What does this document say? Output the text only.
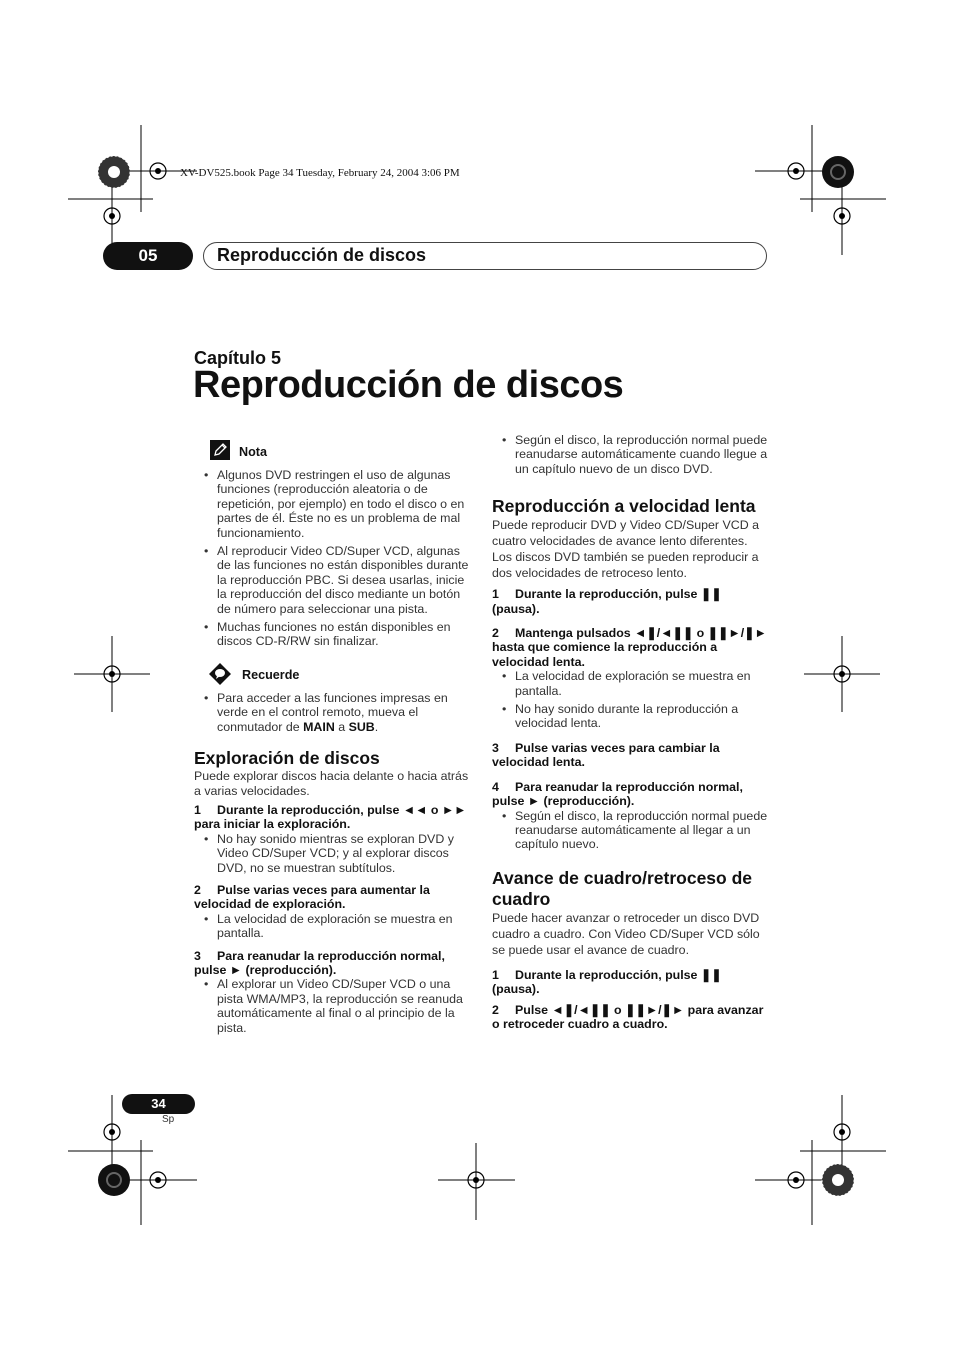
XV-DV525.book Page 34 Tuesday, February 24, 2004 3:06 PM
05	Reproducción de discos
Capítulo 5
Reproducción de discos
Nota
• Algunos DVD restringen el uso de algunas funciones (reproducción aleatoria o de repetición, por ejemplo) en todo el disco o en partes de él. Éste no es un problema de mal funcionamiento.
• Al reproducir Video CD/Super VCD, algunas de las funciones no están disponibles durante la reproducción PBC. Si desea usarlas, inicie la reproducción del disco mediante un botón de número para seleccionar una pista.
• Muchas funciones no están disponibles en discos CD-R/RW sin finalizar.
Recuerde
• Para acceder a las funciones impresas en verde en el control remoto, mueva el conmutador de MAIN a SUB.
Exploración de discos

Puede explorar discos hacia delante o hacia atrás a varias velocidades.

1 Durante la reproducción, pulse ◄◄ o ►► para iniciar la exploración.

• No hay sonido mientras se exploran DVD y Video CD/Super VCD; y al explorar discos DVD, no se muestran subtítulos.

2 Pulse varias veces para aumentar la velocidad de exploración.

• La velocidad de exploración se muestra en pantalla.

3 Para reanudar la reproducción normal, pulse ► (reproducción).

• Al explorar un Video CD/Super VCD o una pista WMA/MP3, la reproducción se reanuda automáticamente al final o al principio de la pista.
• Según el disco, la reproducción normal puede reanudarse automáticamente cuando llegue a un capítulo nuevo de un disco DVD.
Reproducción a velocidad lenta

Puede reproducir DVD y Video CD/Super VCD a cuatro velocidades de avance lento diferentes. Los discos DVD también se pueden reproducir a dos velocidades de retroceso lento.

1 Durante la reproducción, pulse ❚❚ (pausa).

2 Mantenga pulsados ◄❚/◄❚❚ o ❚❚►/❚► hasta que comience la reproducción a velocidad lenta.

• La velocidad de exploración se muestra en pantalla.
• No hay sonido durante la reproducción a velocidad lenta.

3 Pulse varias veces para cambiar la velocidad lenta.

4 Para reanudar la reproducción normal, pulse ► (reproducción).

• Según el disco, la reproducción normal puede reanudarse automáticamente al llegar a un capítulo nuevo.
Avance de cuadro/retroceso de cuadro

Puede hacer avanzar o retroceder un disco DVD cuadro a cuadro. Con Video CD/Super VCD sólo se puede usar el avance de cuadro.

1 Durante la reproducción, pulse ❚❚ (pausa).

2 Pulse ◄❚/◄❚❚ o ❚❚►/❚► para avanzar o retroceder cuadro a cuadro.

34
Sp
